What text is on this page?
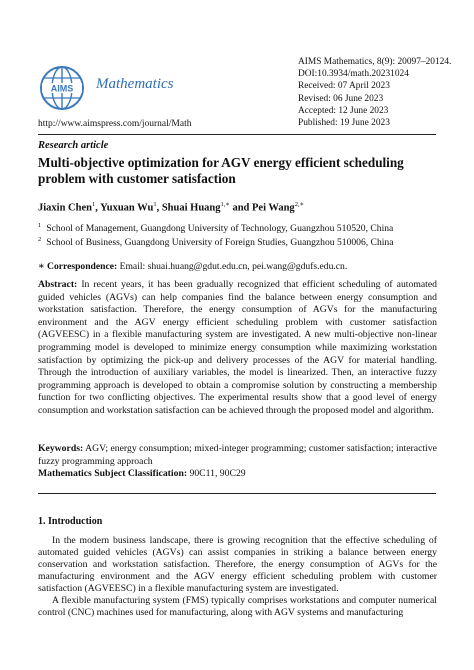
AIMS Mathematics
http://www.aimspress.com/journal/Math
AIMS Mathematics, 8(9): 20097–20124.
DOI:10.3934/math.20231024
Received: 07 April 2023
Revised: 06 June 2023
Accepted: 12 June 2023
Published: 19 June 2023
Research article
Multi-objective optimization for AGV energy efficient scheduling problem with customer satisfaction
Jiaxin Chen$^1$, Yuxuan Wu$^1$, Shuai Huang$^{1,∗}$ and Pei Wang$^{2,∗}$
$^1$ School of Management, Guangdong University of Technology, Guangzhou 510520, China
$^2$ School of Business, Guangdong University of Foreign Studies, Guangzhou 510006, China
∗ Correspondence: Email: shuai.huang@gdut.edu.cn, pei.wang@gdufs.edu.cn.
Abstract: In recent years, it has been gradually recognized that efficient scheduling of automated guided vehicles (AGVs) can help companies find the balance between energy consumption and workstation satisfaction. Therefore, the energy consumption of AGVs for the manufacturing environment and the AGV energy efficient scheduling problem with customer satisfaction (AGVEESC) in a flexible manufacturing system are investigated. A new multi-objective non-linear programming model is developed to minimize energy consumption while maximizing workstation satisfaction by optimizing the pick-up and delivery processes of the AGV for material handling. Through the introduction of auxiliary variables, the model is linearized. Then, an interactive fuzzy programming approach is developed to obtain a compromise solution by constructing a membership function for two conflicting objectives. The experimental results show that a good level of energy consumption and workstation satisfaction can be achieved through the proposed model and algorithm.
Keywords: AGV; energy consumption; mixed-integer programming; customer satisfaction; interactive fuzzy programming approach
Mathematics Subject Classification: 90C11, 90C29
1. Introduction
In the modern business landscape, there is growing recognition that the effective scheduling of automated guided vehicles (AGVs) can assist companies in striking a balance between energy conservation and workstation satisfaction. Therefore, the energy consumption of AGVs for the manufacturing environment and the AGV energy efficient scheduling problem with customer satisfaction (AGVEESC) in a flexible manufacturing system are investigated.
A flexible manufacturing system (FMS) typically comprises workstations and computer numerical control (CNC) machines used for manufacturing, along with AGV systems and manufacturing
